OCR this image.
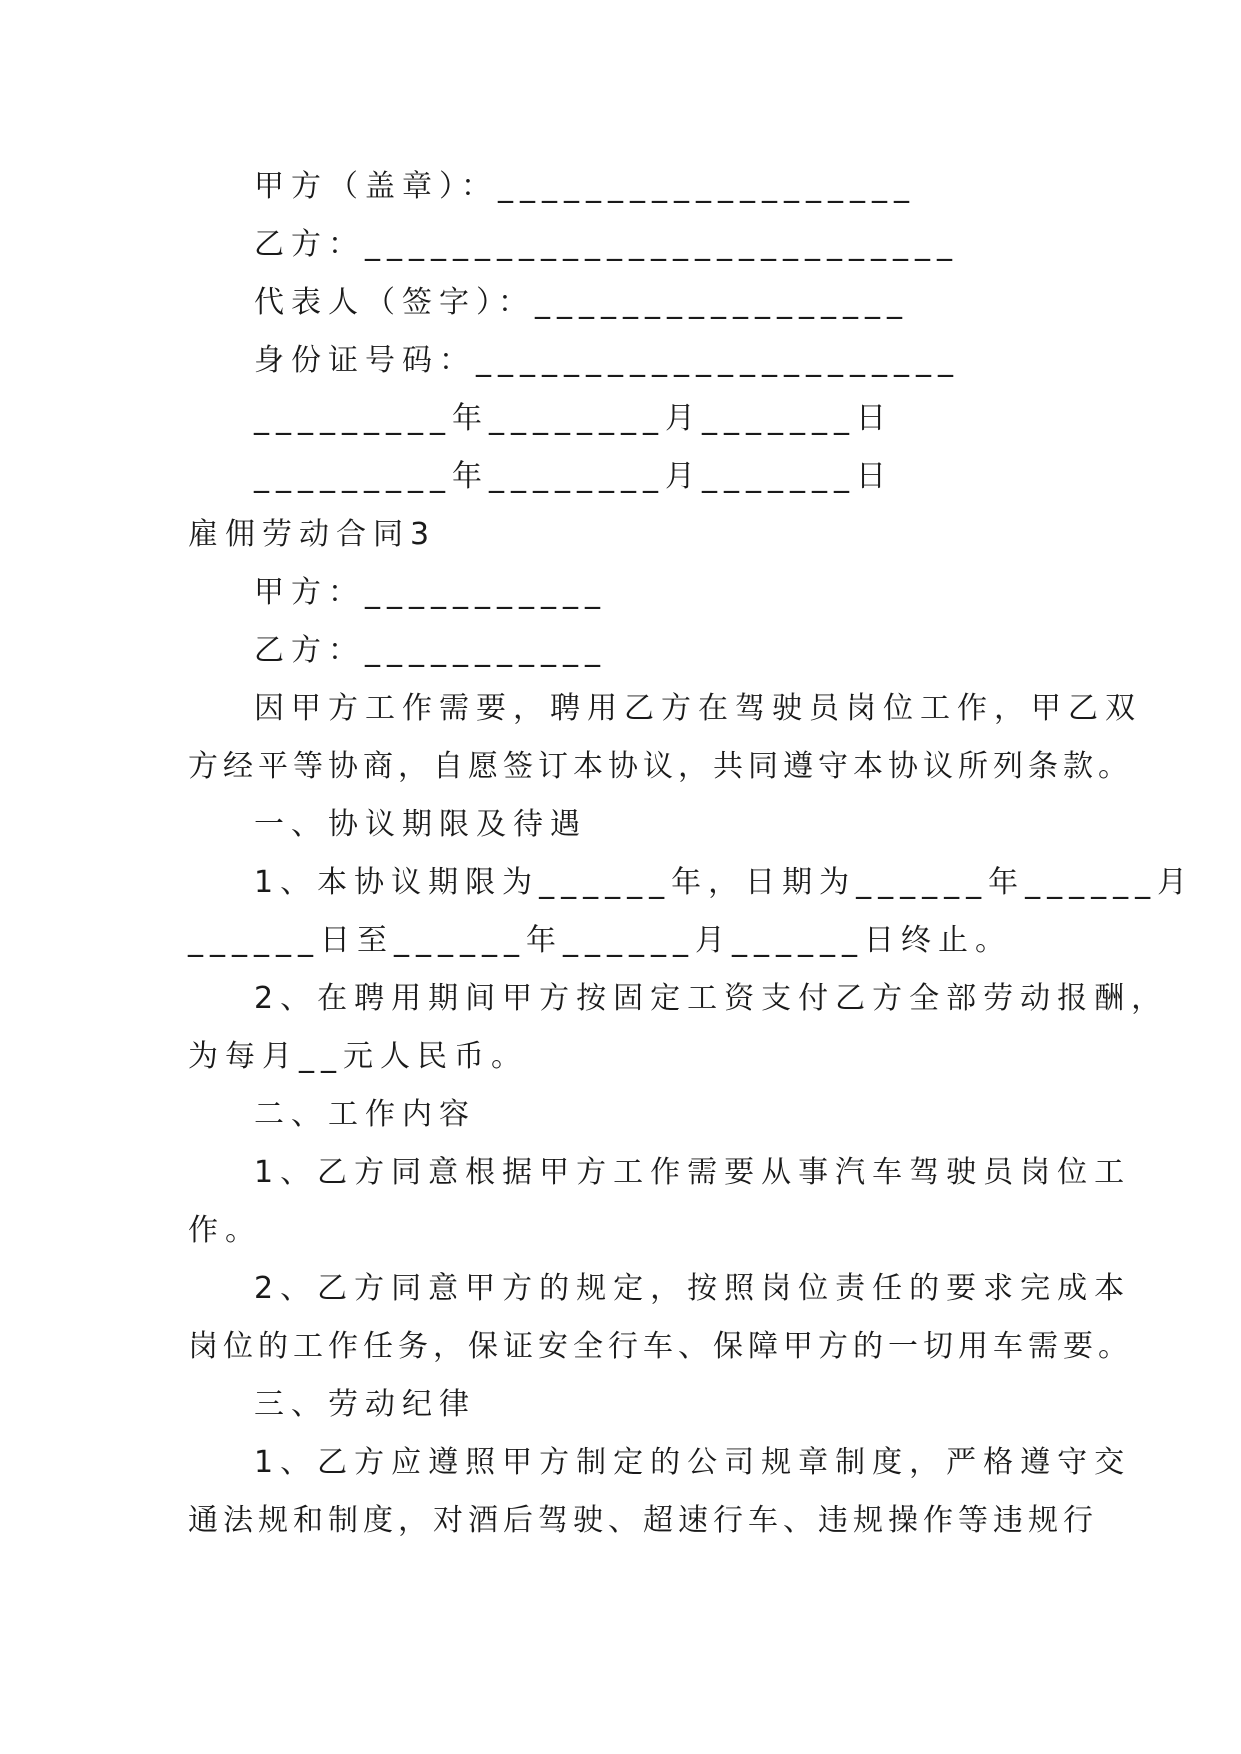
甲方（盖章）：___________________
乙方：___________________________
代表人（签字）：_________________
身份证号码：______________________
_________年________月_______日
_________年________月_______日
雇佣劳动合同3
甲方：___________
乙方：___________
因甲方工作需要，聘用乙方在驾驶员岗位工作，甲乙双
方经平等协商，自愿签订本协议，共同遵守本协议所列条款。
一、协议期限及待遇
1、本协议期限为______年，日期为______年______月
______日至______年______月______日终止。
2、在聘用期间甲方按固定工资支付乙方全部劳动报酬，
为每月__元人民币。
二、工作内容
1、乙方同意根据甲方工作需要从事汽车驾驶员岗位工
作。
2、乙方同意甲方的规定，按照岗位责任的要求完成本
岗位的工作任务，保证安全行车、保障甲方的一切用车需要。
三、劳动纪律
1、乙方应遵照甲方制定的公司规章制度，严格遵守交
通法规和制度，对酒后驾驶、超速行车、违规操作等违规行
